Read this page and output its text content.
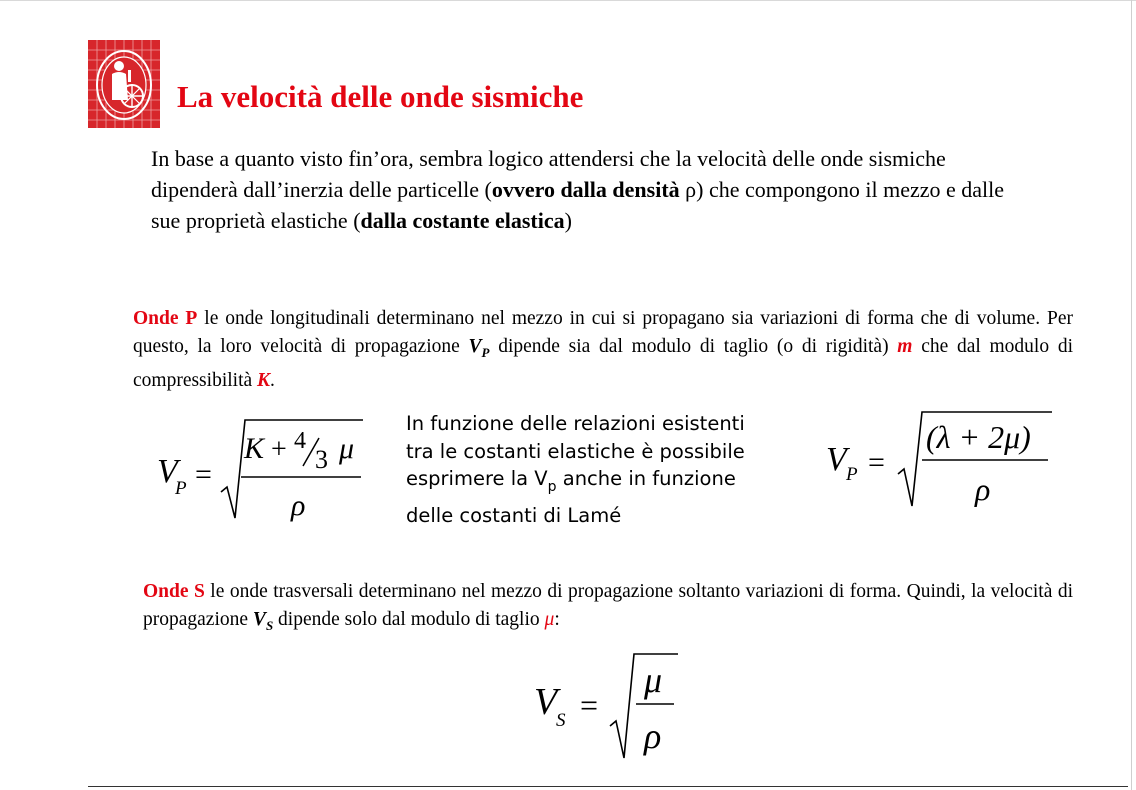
La velocità delle onde sismiche

In base a quanto visto fin’ora, sembra logico attendersi che la velocità delle onde sismiche dipenderà dall’inerzia delle particelle (ovvero dalla densità ρ) che compongono il mezzo e dalle sue proprietà elastiche (dalla costante elastica)

Onde P le onde longitudinali determinano nel mezzo in cui si propagano sia variazioni di forma che di volume. Per questo, la loro velocità di propagazione $V_P$ dipende sia dal modulo di taglio (o di rigidità) m che dal modulo di compressibilità K.

V
P =
K + 4
3 μ
ρ

In funzione delle relazioni esistenti
tra le costanti elastiche è possibile
esprimere la $V_p$ anche in funzione
delle costanti di Lamé

V P =
(λ + 2μ)
ρ

Onde S le onde trasversali determinano nel mezzo di propagazione soltanto variazioni di forma. Quindi, la velocità di propagazione $V_S$ dipende solo dal modulo di taglio μ:

V
S =
μ
ρ
